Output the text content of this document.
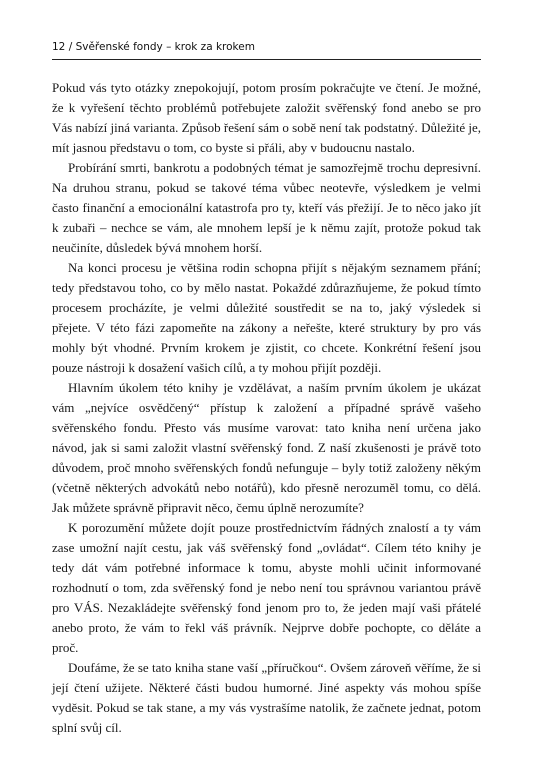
12 / Svěřenské fondy – krok za krokem

Pokud vás tyto otázky znepokojují, potom prosím pokračujte ve čtení. Je možné, že k vyřešení těchto problémů potřebujete založit svěřenský fond anebo se pro Vás nabízí jiná varianta. Způsob řešení sám o sobě není tak podstatný. Důležité je, mít jasnou představu o tom, co byste si přáli, aby v budoucnu nastalo.

Probírání smrti, bankrotu a podobných témat je samozřejmě trochu depresivní. Na druhou stranu, pokud se takové téma vůbec neotevře, výsledkem je velmi často finanční a emocionální katastrofa pro ty, kteří vás přežijí. Je to něco jako jít k zubaři – nechce se vám, ale mnohem lepší je k němu zajít, protože pokud tak neučiníte, důsledek bývá mnohem horší.

Na konci procesu je většina rodin schopna přijít s nějakým seznamem přání; tedy představou toho, co by mělo nastat. Pokaždé zdůrazňujeme, že pokud tímto procesem procházíte, je velmi důležité soustředit se na to, jaký výsledek si přejete. V této fázi zapomeňte na zákony a neřešte, které struktury by pro vás mohly být vhodné. Prvním krokem je zjistit, co chcete. Konkrétní řešení jsou pouze nástroji k dosažení vašich cílů, a ty mohou přijít později.

Hlavním úkolem této knihy je vzdělávat, a naším prvním úkolem je ukázat vám „nejvíce osvědčený“ přístup k založení a případné správě vašeho svěřenského fondu. Přesto vás musíme varovat: tato kniha není určena jako návod, jak si sami založit vlastní svěřenský fond. Z naší zkušenosti je právě toto důvodem, proč mnoho svěřenských fondů nefunguje – byly totiž založeny někým (včetně některých advokátů nebo notářů), kdo přesně nerozuměl tomu, co dělá. Jak můžete správně připravit něco, čemu úplně nerozumíte?

K porozumění můžete dojít pouze prostřednictvím řádných znalostí a ty vám zase umožní najít cestu, jak váš svěřenský fond „ovládat“. Cílem této knihy je tedy dát vám potřebné informace k tomu, abyste mohli učinit informované rozhodnutí o tom, zda svěřenský fond je nebo není tou správnou variantou právě pro VÁS. Nezakládejte svěřenský fond jenom pro to, že jeden mají vaši přátelé anebo proto, že vám to řekl váš právník. Nejprve dobře pochopte, co děláte a proč.

Doufáme, že se tato kniha stane vaší „příručkou“. Ovšem zároveň věříme, že si její čtení užijete. Některé části budou humorné. Jiné aspekty vás mohou spíše vyděsit. Pokud se tak stane, a my vás vystrašíme natolik, že začnete jednat, potom splní svůj cíl.
